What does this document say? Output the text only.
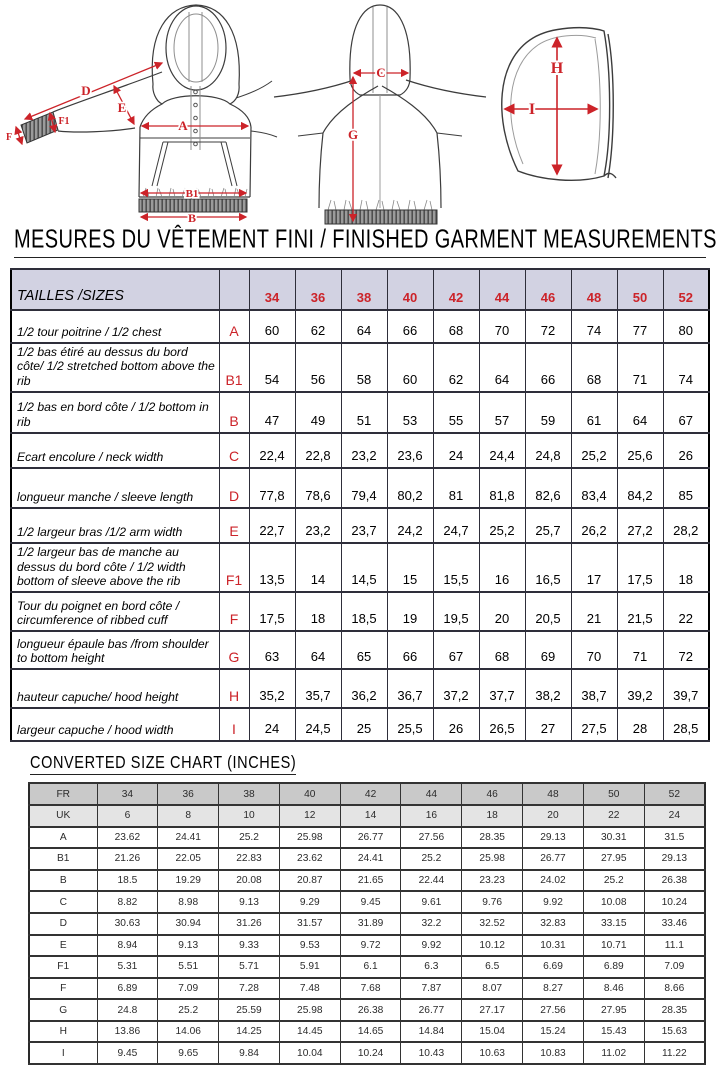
D
E
F1
F
A
B1
B
C
G
H
I
MESURES DU VÊTEMENT FINI / FINISHED GARMENT MEASUREMENTS
TAILLES /SIZES		34	36	38	40	42	44	46	48	50	52
1/2 tour poitrine / 1/2 chest	A	60	62	64	66	68	70	72	74	77	80
1/2 bas étiré au dessus du bord côte/ 1/2 stretched bottom above the rib	B1	54	56	58	60	62	64	66	68	71	74
1/2 bas en bord côte / 1/2 bottom in rib	B	47	49	51	53	55	57	59	61	64	67
Ecart encolure / neck width	C	22,4	22,8	23,2	23,6	24	24,4	24,8	25,2	25,6	26
longueur manche / sleeve length	D	77,8	78,6	79,4	80,2	81	81,8	82,6	83,4	84,2	85
1/2 largeur bras /1/2 arm width	E	22,7	23,2	23,7	24,2	24,7	25,2	25,7	26,2	27,2	28,2
1/2 largeur bas de manche au dessus du bord côte / 1/2 width bottom of sleeve above the rib	F1	13,5	14	14,5	15	15,5	16	16,5	17	17,5	18
Tour du poignet en bord côte / circumference of ribbed cuff	F	17,5	18	18,5	19	19,5	20	20,5	21	21,5	22
longueur épaule bas /from shoulder to bottom height	G	63	64	65	66	67	68	69	70	71	72
hauteur capuche/ hood height	H	35,2	35,7	36,2	36,7	37,2	37,7	38,2	38,7	39,2	39,7
largeur capuche / hood width	I	24	24,5	25	25,5	26	26,5	27	27,5	28	28,5
CONVERTED SIZE CHART (INCHES)
FR	34	36	38	40	42	44	46	48	50	52
UK	6	8	10	12	14	16	18	20	22	24
A	23.62	24.41	25.2	25.98	26.77	27.56	28.35	29.13	30.31	31.5
B1	21.26	22.05	22.83	23.62	24.41	25.2	25.98	26.77	27.95	29.13
B	18.5	19.29	20.08	20.87	21.65	22.44	23.23	24.02	25.2	26.38
C	8.82	8.98	9.13	9.29	9.45	9.61	9.76	9.92	10.08	10.24
D	30.63	30.94	31.26	31.57	31.89	32.2	32.52	32.83	33.15	33.46
E	8.94	9.13	9.33	9.53	9.72	9.92	10.12	10.31	10.71	11.1
F1	5.31	5.51	5.71	5.91	6.1	6.3	6.5	6.69	6.89	7.09
F	6.89	7.09	7.28	7.48	7.68	7.87	8.07	8.27	8.46	8.66
G	24.8	25.2	25.59	25.98	26.38	26.77	27.17	27.56	27.95	28.35
H	13.86	14.06	14.25	14.45	14.65	14.84	15.04	15.24	15.43	15.63
I	9.45	9.65	9.84	10.04	10.24	10.43	10.63	10.83	11.02	11.22
